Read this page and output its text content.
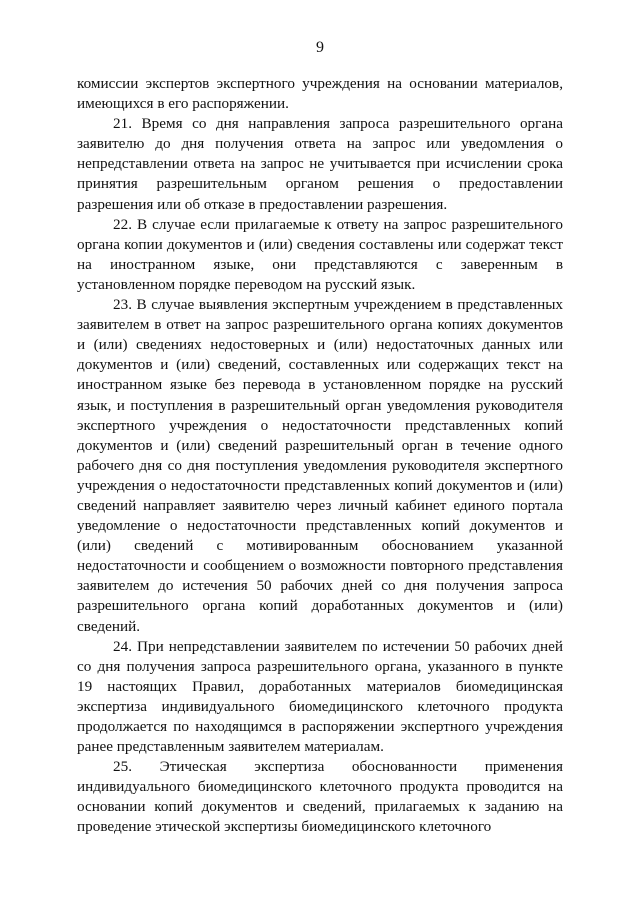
9

комиссии экспертов экспертного учреждения на основании материалов, имеющихся в его распоряжении.

21. Время со дня направления запроса разрешительного органа заявителю до дня получения ответа на запрос или уведомления о непредставлении ответа на запрос не учитывается при исчислении срока принятия разрешительным органом решения о предоставлении разрешения или об отказе в предоставлении разрешения.

22. В случае если прилагаемые к ответу на запрос разрешительного органа копии документов и (или) сведения составлены или содержат текст на иностранном языке, они представляются с заверенным в установленном порядке переводом на русский язык.

23. В случае выявления экспертным учреждением в представленных заявителем в ответ на запрос разрешительного органа копиях документов и (или) сведениях недостоверных и (или) недостаточных данных или документов и (или) сведений, составленных или содержащих текст на иностранном языке без перевода в установленном порядке на русский язык, и поступления в разрешительный орган уведомления руководителя экспертного учреждения о недостаточности представленных копий документов и (или) сведений разрешительный орган в течение одного рабочего дня со дня поступления уведомления руководителя экспертного учреждения о недостаточности представленных копий документов и (или) сведений направляет заявителю через личный кабинет единого портала уведомление о недостаточности представленных копий документов и (или) сведений с мотивированным обоснованием указанной недостаточности и сообщением о возможности повторного представления заявителем до истечения 50 рабочих дней со дня получения запроса разрешительного органа копий доработанных документов и (или) сведений.

24. При непредставлении заявителем по истечении 50 рабочих дней со дня получения запроса разрешительного органа, указанного в пункте 19 настоящих Правил, доработанных материалов биомедицинская экспертиза индивидуального биомедицинского клеточного продукта продолжается по находящимся в распоряжении экспертного учреждения ранее представленным заявителем материалам.

25. Этическая экспертиза обоснованности применения индивидуального биомедицинского клеточного продукта проводится на основании копий документов и сведений, прилагаемых к заданию на проведение этической экспертизы биомедицинского клеточного
